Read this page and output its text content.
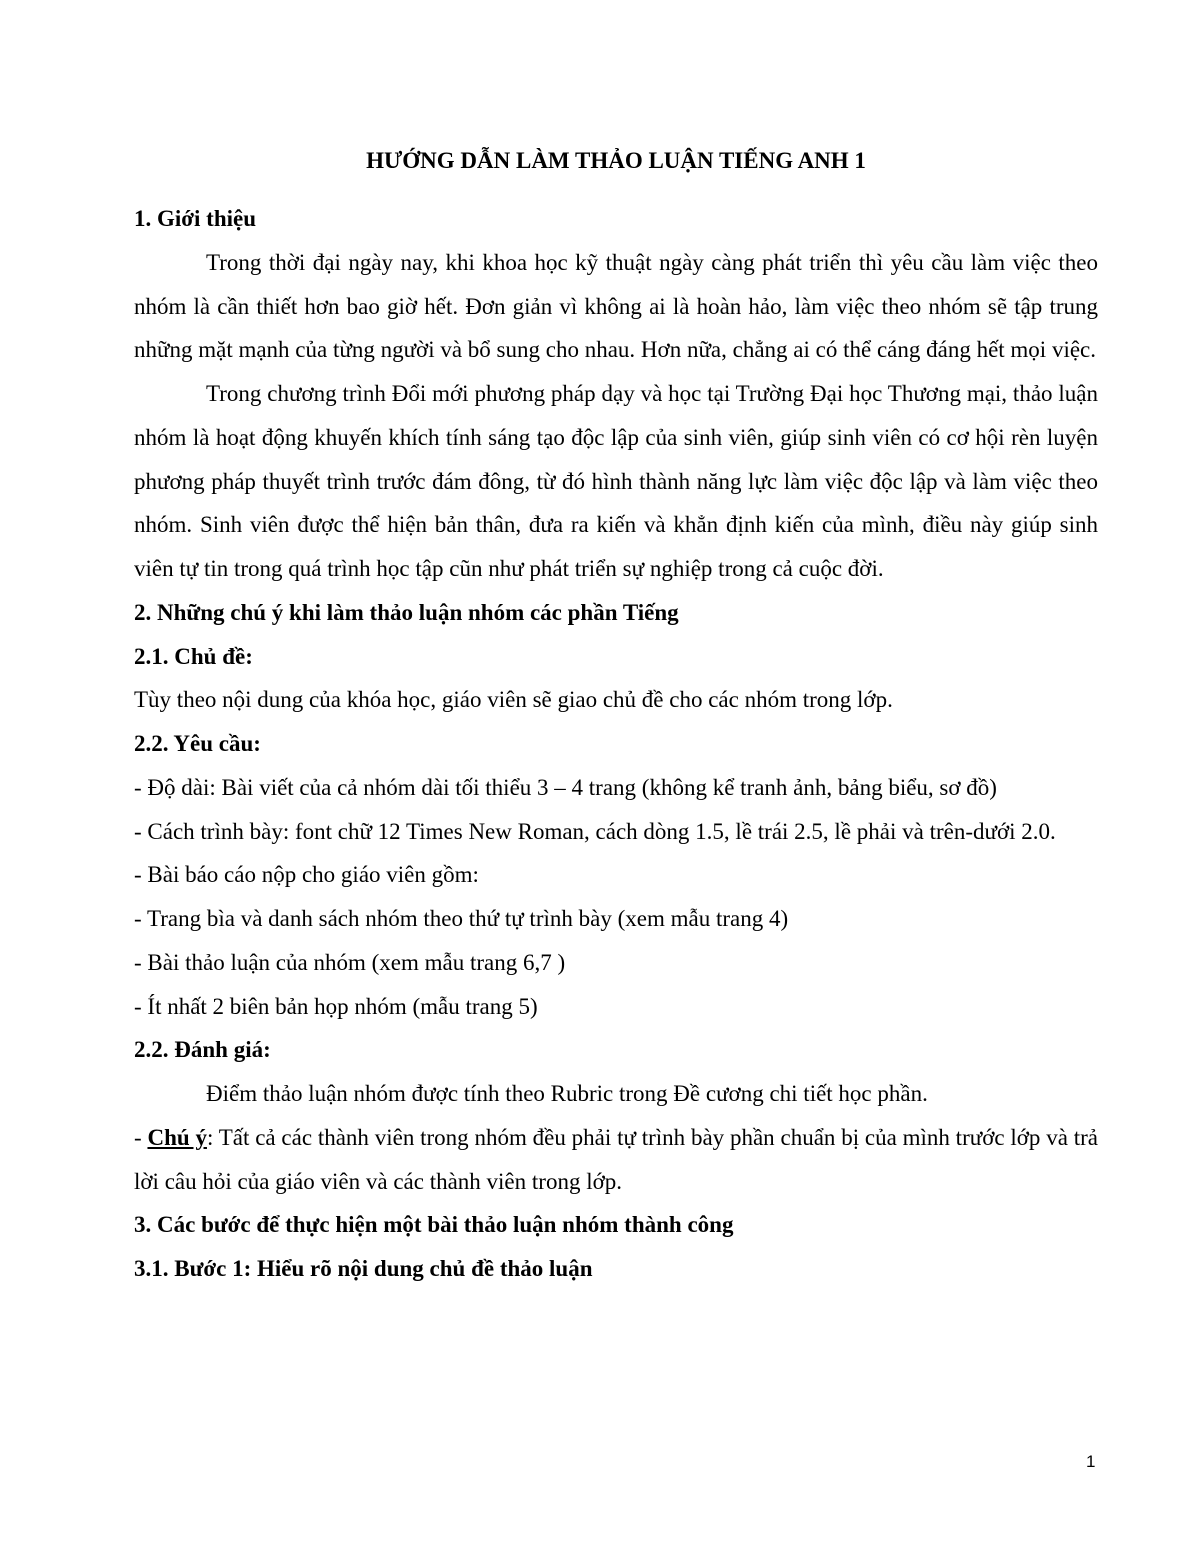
HƯỚNG DẪN LÀM THẢO LUẬN TIẾNG ANH 1

1. Giới thiệu

Trong thời đại ngày nay, khi khoa học kỹ thuật ngày càng phát triển thì yêu cầu làm việc theo nhóm là cần thiết hơn bao giờ hết. Đơn giản vì không ai là hoàn hảo, làm việc theo nhóm sẽ tập trung những mặt mạnh của từng người và bổ sung cho nhau. Hơn nữa, chẳng ai có thể cáng đáng hết mọi việc.

Trong chương trình Đổi mới phương pháp dạy và học tại Trường Đại học Thương mại, thảo luận nhóm là hoạt động khuyến khích tính sáng tạo độc lập của sinh viên, giúp sinh viên có cơ hội rèn luyện phương pháp thuyết trình trước đám đông, từ đó hình thành năng lực làm việc độc lập và làm việc theo nhóm. Sinh viên được thể hiện bản thân, đưa ra kiến và khẳn định kiến của mình, điều này giúp sinh viên tự tin trong quá trình học tập cũn như phát triển sự nghiệp trong cả cuộc đời.

2. Những chú ý khi làm thảo luận nhóm các phần Tiếng

2.1. Chủ đề:

Tùy theo nội dung của khóa học, giáo viên sẽ giao chủ đề cho các nhóm trong lớp.

2.2. Yêu cầu:

- Độ dài: Bài viết của cả nhóm dài tối thiểu 3 – 4 trang (không kể tranh ảnh, bảng biểu, sơ đồ)

- Cách trình bày: font chữ 12 Times New Roman, cách dòng 1.5, lề trái 2.5, lề phải và trên-dưới 2.0.

- Bài báo cáo nộp cho giáo viên gồm:

- Trang bìa và danh sách nhóm theo thứ tự trình bày (xem mẫu trang 4)

- Bài thảo luận của nhóm (xem mẫu trang 6,7 )

- Ít nhất 2 biên bản họp nhóm (mẫu trang 5)

2.2. Đánh giá:

Điểm thảo luận nhóm được tính theo Rubric trong Đề cương chi tiết học phần.

- Chú ý: Tất cả các thành viên trong nhóm đều phải tự trình bày phần chuẩn bị của mình trước lớp và trả lời câu hỏi của giáo viên và các thành viên trong lớp.

3. Các bước để thực hiện một bài thảo luận nhóm thành công

3.1. Bước 1: Hiểu rõ nội dung chủ đề thảo luận

1
